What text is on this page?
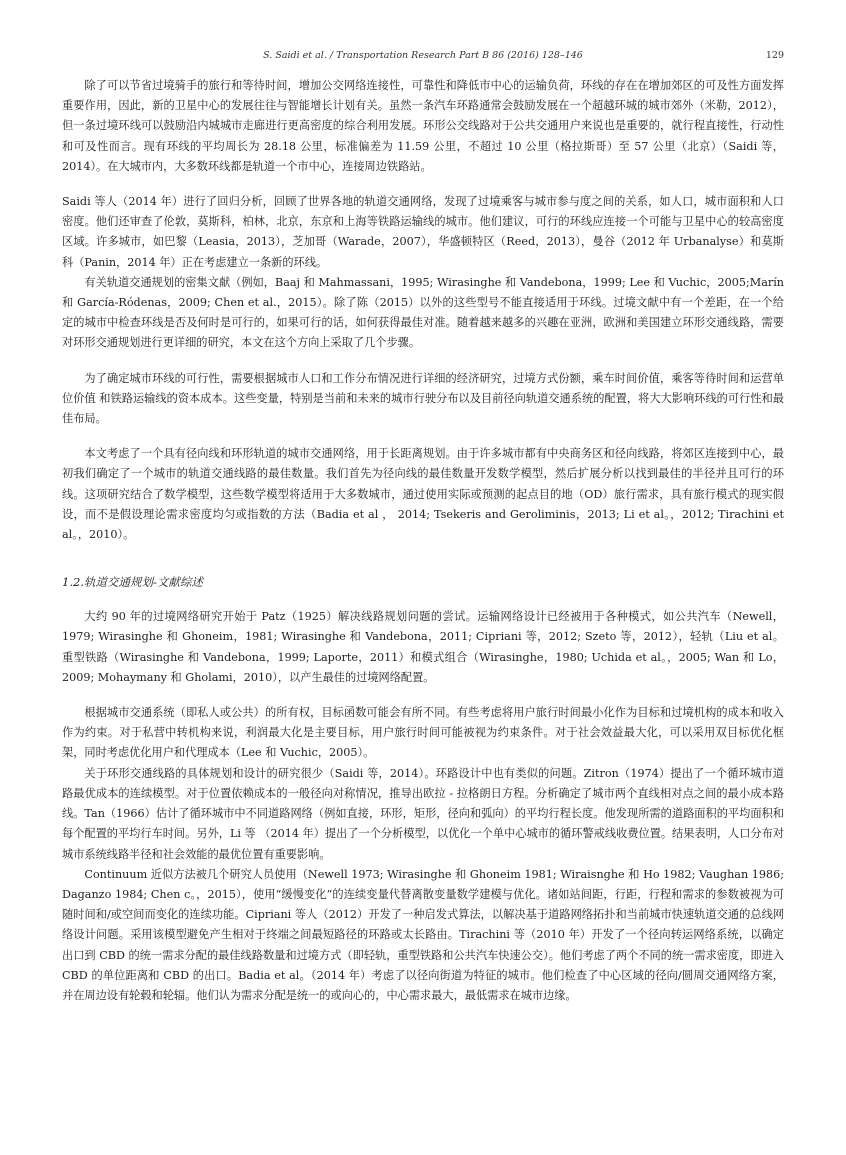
S. Saidi et al. / Transportation Research Part B 86 (2016) 128–146	129

除了可以节省过境骑手的旅行和等待时间，增加公交网络连接性，可靠性和降低市中心的运输负荷，环线的存在在增加郊区的可及性方面发挥重要作用，因此，新的卫星中心的发展往往与智能增长计划有关。虽然一条汽车环路通常会鼓励发展在一个超越环城的城市郊外（米勒，2012），但一条过境环线可以鼓励沿内城城市走廊进行更高密度的综合利用发展。环形公交线路对于公共交通用户来说也是重要的，就行程直接性，行动性和可及性而言。现有环线的平均周长为 28.18 公里，标准偏差为 11.59 公里，不超过 10 公里（格拉斯哥）至 57 公里（北京）（Saidi 等，2014）。在大城市内，大多数环线都是轨道一个市中心，连接周边铁路站。

Saidi 等人（2014 年）进行了回归分析，回顾了世界各地的轨道交通网络，发现了过境乘客与城市参与度之间的关系，如人口，城市面积和人口密度。他们还审查了伦敦，莫斯科，柏林，北京，东京和上海等铁路运输线的城市。他们建议，可行的环线应连接一个可能与卫星中心的较高密度区域。许多城市，如巴黎（Leasia，2013），芝加哥（Warade，2007），华盛顿特区（Reed，2013），曼谷（2012 年 Urbanalyse）和莫斯科（Panin，2014 年）正在考虑建立一条新的环线。

有关轨道交通规划的密集文献（例如，Baaj 和 Mahmassani，1995; Wirasinghe 和 Vandebona，1999; Lee 和 Vuchic，2005;Marín 和 García-Ródenas，2009; Chen et al.，2015）。除了陈（2015）以外的这些型号不能直接适用于环线。过境文献中有一个差距，在一个给定的城市中检查环线是否及何时是可行的，如果可行的话，如何获得最佳对准。随着越来越多的兴趣在亚洲，欧洲和美国建立环形交通线路，需要对环形交通规划进行更详细的研究，本文在这个方向上采取了几个步骤。

为了确定城市环线的可行性，需要根据城市人口和工作分布情况进行详细的经济研究，过境方式份额，乘车时间价值，乘客等待时间和运营单位价值 和铁路运输线的资本成本。这些变量，特别是当前和未来的城市行驶分布以及目前径向轨道交通系统的配置，将大大影响环线的可行性和最佳布局。

本文考虑了一个具有径向线和环形轨道的城市交通网络，用于长距离规划。由于许多城市都有中央商务区和径向线路，将郊区连接到中心，最初我们确定了一个城市的轨道交通线路的最佳数量。我们首先为径向线的最佳数量开发数学模型，然后扩展分析以找到最佳的半径并且可行的环线。这项研究结合了数学模型，这些数学模型将适用于大多数城市，通过使用实际或预测的起点目的地（OD）旅行需求，具有旅行模式的现实假设，而不是假设理论需求密度均匀或指数的方法（Badia et al ， 2014; Tsekeris and Geroliminis，2013; Li et al。，2012; Tirachini et al。，2010）。

1.2.轨道交通规划-文献综述

大约 90 年的过境网络研究开始于 Patz（1925）解决线路规划问题的尝试。运输网络设计已经被用于各种模式，如公共汽车（Newell，1979; Wirasinghe 和 Ghoneim，1981; Wirasinghe 和 Vandebona，2011; Cipriani 等，2012; Szeto 等，2012），轻轨（Liu et al。 重型铁路（Wirasinghe 和 Vandebona，1999; Laporte，2011）和模式组合（Wirasinghe，1980; Uchida et al。，2005; Wan 和 Lo，2009; Mohaymany 和 Gholami，2010），以产生最佳的过境网络配置。

根据城市交通系统（即私人或公共）的所有权，目标函数可能会有所不同。有些考虑将用户旅行时间最小化作为目标和过境机构的成本和收入作为约束。对于私营中转机构来说，利润最大化是主要目标，用户旅行时间可能被视为约束条件。对于社会效益最大化，可以采用双目标优化框架，同时考虑优化用户和代理成本（Lee 和 Vuchic，2005）。

关于环形交通线路的具体规划和设计的研究很少（Saidi 等，2014）。环路设计中也有类似的问题。Zitron（1974）提出了一个循环城市道路最优成本的连续模型。对于位置依赖成本的一般径向对称情况，推导出欧拉 - 拉格朗日方程。分析确定了城市两个直线相对点之间的最小成本路线。Tan（1966）估计了循环城市中不同道路网络（例如直接，环形，矩形，径向和弧向）的平均行程长度。他发现所需的道路面积的平均面积和每个配置的平均行车时间。另外，Li 等 （2014 年）提出了一个分析模型，以优化一个单中心城市的循环警戒线收费位置。结果表明，人口分布对城市系统线路半径和社会效能的最优位置有重要影响。

Continuum 近似方法被几个研究人员使用（Newell 1973; Wirasinghe 和 Ghoneim 1981; Wiraisnghe 和 Ho 1982; Vaughan 1986; Daganzo 1984; Chen c。，2015），使用“缓慢变化”的连续变量代替离散变量数学建模与优化。诸如站间距，行距，行程和需求的参数被视为可随时间和/或空间而变化的连续功能。Cipriani 等人（2012）开发了一种启发式算法，以解决基于道路网络拓扑和当前城市快速轨道交通的总线网络设计问题。采用该模型避免产生相对于终端之间最短路径的环路或太长路由。Tirachini 等（2010 年）开发了一个径向转运网络系统，以确定出口到 CBD 的统一需求分配的最佳线路数量和过境方式（即轻轨，重型铁路和公共汽车快速公交）。他们考虑了两个不同的统一需求密度，即进入 CBD 的单位距离和 CBD 的出口。Badia et al。（2014 年）考虑了以径向街道为特征的城市。他们检查了中心区域的径向/圆周交通网络方案，并在周边设有轮毂和轮辐。他们认为需求分配是统一的或向心的，中心需求最大，最低需求在城市边缘。
